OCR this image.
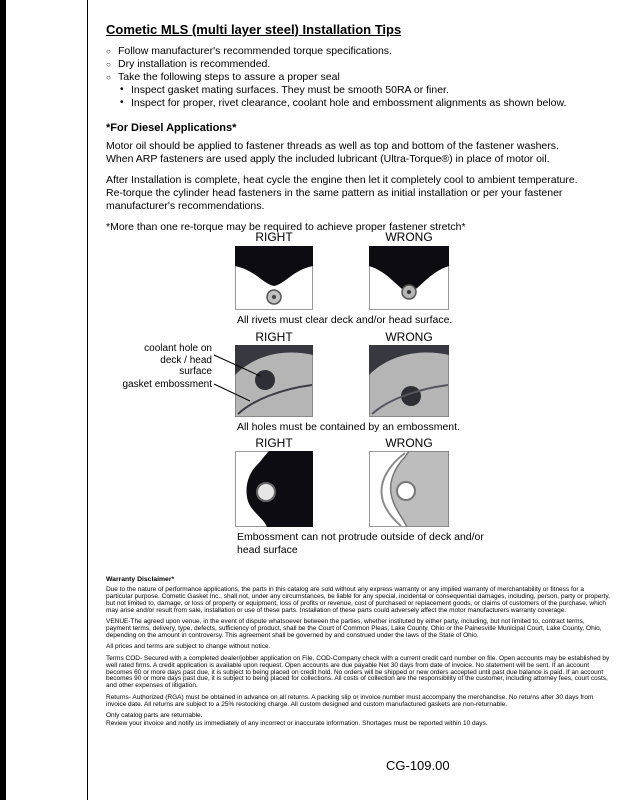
Cometic MLS (multi layer steel) Installation Tips
○ Follow manufacturer's recommended torque specifications.
○ Dry installation is recommended.
○ Take the following steps to assure a proper seal
• Inspect gasket mating surfaces. They must be smooth 50RA or finer.
• Inspect for proper, rivet clearance, coolant hole and embossment alignments as shown below.
*For Diesel Applications*
Motor oil should be applied to fastener threads as well as top and bottom of the fastener washers. When ARP fasteners are used apply the included lubricant (Ultra-Torque®) in place of motor oil.
After Installation is complete, heat cycle the engine then let it completely cool to ambient temperature. Re-torque the cylinder head fasteners in the same pattern as initial installation or per your fastener manufacturer's recommendations.
*More than one re-torque may be required to achieve proper fastener stretch*
RIGHT	WRONG
All rivets must clear deck and/or head surface.
RIGHT	WRONG
coolant hole on
deck / head surface
gasket embossment
All holes must be contained by an embossment.
RIGHT	WRONG
Embossment can not protrude outside of deck and/or head surface
Warranty Disclaimer*
Due to the nature of performance applications, the parts in this catalog are sold without any express warranty or any implied warranty of merchantability or fitness for a particular purpose. Cometic Gasket Inc., shall not, under any circumstances, be liable for any special, incidental or consequential damages, including, person, party or property, but not limited to, damage, or loss of property or equipment, loss of profits or revenue, cost of purchased or replacement goods, or claims of customers of the purchase, which may arise and/or result from sale, installation or use of these parts. Installation of these parts could adversely affect the motor manufacturers warranty coverage.
VENUE-The agreed upon venue, in the event of dispute whatsoever between the parties, whether instituted by either party, including, but not limited to, contract terms, payment terms, delivery, type, defects, sufficiency of product, shall be the Court of Common Pleas, Lake County, Ohio or the Painesville Municipal Court, Lake County, Ohio, depending on the amount in controversy. This agreement shall be governed by and construed under the laws of the State of Ohio.
All prices and terms are subject to change without notice.
Terms COD- Secured with a completed dealer/jobber application on File, COD-Company check with a current credit card number on file. Open accounts may be established by well rated firms. A credit application is available upon request. Open accounts are due payable Net 30 days from date of invoice. No statement will be sent. If an account becomes 60 or more days past due, it is subject to being placed on credit hold. No orders will be shipped or new orders accepted until past due balance is paid. If an account becomes 90 or more days past due, it is subject to being placed for collections. All costs of collection are the responsibility of the customer, including attorney fees, court costs, and other expenses of litigation.
Returns- Authorized (RGA) must be obtained in advance on all returns. A packing slip or invoice number must accompany the merchandise. No returns after 30 days from invoice date. All returns are subject to a 25% restocking charge. All custom designed and custom manufactured gaskets are non-returnable.
Only catalog parts are returnable.
Review your invoice and notify us immediately of any incorrect or inaccurate information. Shortages must be reported within 10 days.
CG-109.00
